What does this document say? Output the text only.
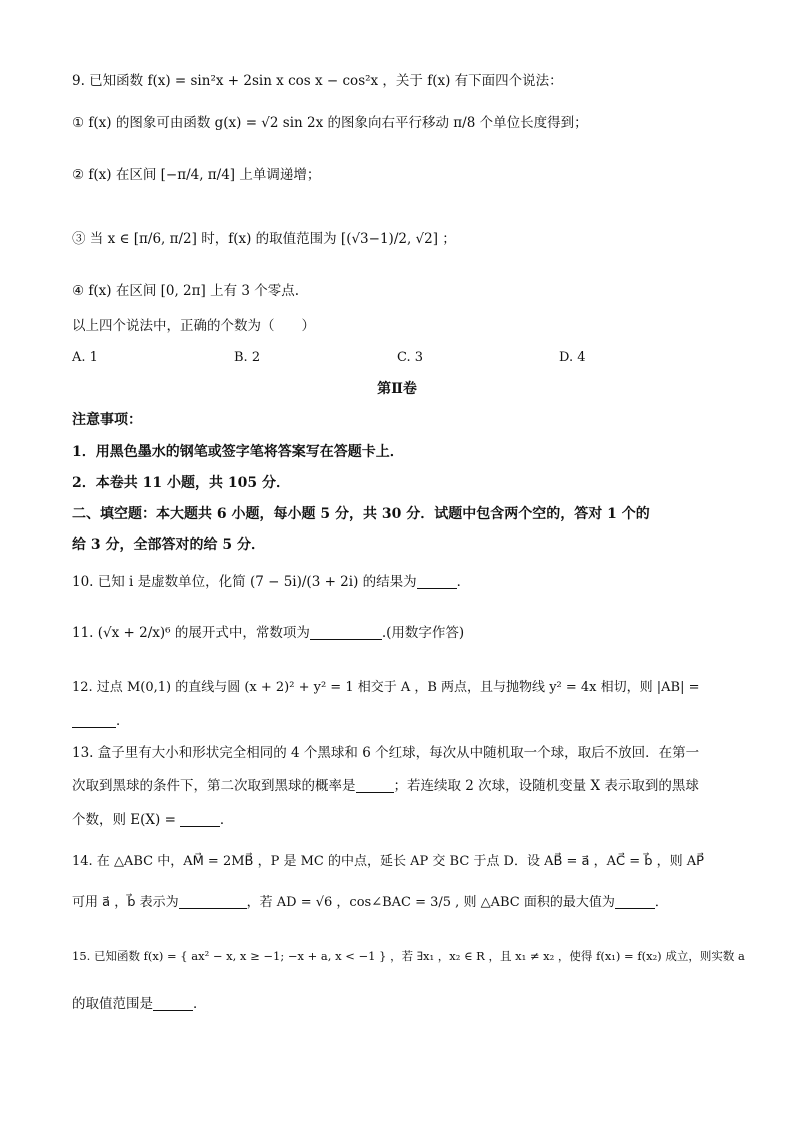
9. 已知函数 f(x) = sin²x + 2sin x cos x − cos²x ，关于 f(x) 有下面四个说法：
① f(x) 的图象可由函数 g(x) = √2 sin 2x 的图象向右平行移动 π/8 个单位长度得到；
② f(x) 在区间 [−π/4, π/4] 上单调递增；
③ 当 x ∈ [π/6, π/2] 时，f(x) 的取值范围为 [(√3−1)/2, √2] ；
④ f(x) 在区间 [0, 2π] 上有 3 个零点.
以上四个说法中，正确的个数为（　　）
A. 1	B. 2	C. 3	D. 4
第Ⅱ卷
注意事项：
1．用黑色墨水的钢笔或签字笔将答案写在答题卡上．
2．本卷共 11 小题，共 105 分．
二、填空题：本大题共 6 小题，每小题 5 分，共 30 分．试题中包含两个空的，答对 1 个的
给 3 分，全部答对的给 5 分．
10. 已知 i 是虚数单位，化简 (7 − 5i)/(3 + 2i) 的结果为	．
11. (√x + 2/x)⁶ 的展开式中，常数项为	.(用数字作答)
12. 过点 M(0,1) 的直线与圆 (x + 2)² + y² = 1 相交于 A ，B 两点，且与抛物线 y² = 4x 相切，则 |AB| =
．
13. 盒子里有大小和形状完全相同的 4 个黑球和 6 个红球，每次从中随机取一个球，取后不放回．在第一
次取到黑球的条件下，第二次取到黑球的概率是	；若连续取 2 次球，设随机变量 X 表示取到的黑球
个数，则 E(X) =	．
14. 在 △ABC 中，AM⃗ = 2MB⃗ ，P 是 MC 的中点，延长 AP 交 BC 于点 D．设 AB⃗ = a⃗ ，AC⃗ = b⃗ ，则 AP⃗
可用 a⃗ ，b⃗ 表示为	，若 AD = √6 ，cos∠BAC = 3/5 , 则 △ABC 面积的最大值为	．
15. 已知函数 f(x) = { ax² − x, x ≥ −1; −x + a, x < −1 } ，若 ∃x₁ ，x₂ ∈ R ，且 x₁ ≠ x₂ ，使得 f(x₁) = f(x₂) 成立，则实数 a
的取值范围是	．
